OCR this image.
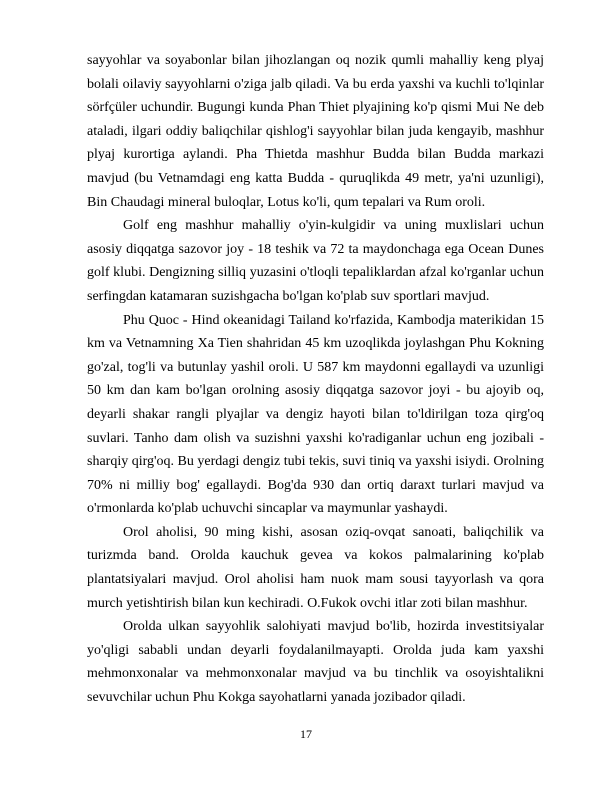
sayyohlar va soyabonlar bilan jihozlangan oq nozik qumli mahalliy keng plyaj bolali oilaviy sayyohlarni o'ziga jalb qiladi. Va bu erda yaxshi va kuchli to'lqinlar sörfçüler uchundir. Bugungi kunda Phan Thiet plyajining ko'p qismi Mui Ne deb ataladi, ilgari oddiy baliqchilar qishlog'i sayyohlar bilan juda kengayib, mashhur plyaj kurortiga aylandi. Pha Thietda mashhur Budda bilan Budda markazi mavjud (bu Vetnamdagi eng katta Budda - quruqlikda 49 metr, ya'ni uzunligi), Bin Chaudagi mineral buloqlar, Lotus ko'li, qum tepalari va Rum oroli.

Golf eng mashhur mahalliy o'yin-kulgidir va uning muxlislari uchun asosiy diqqatga sazovor joy - 18 teshik va 72 ta maydonchaga ega Ocean Dunes golf klubi. Dengizning silliq yuzasini o'tloqli tepaliklardan afzal ko'rganlar uchun serfingdan katamaran suzishgacha bo'lgan ko'plab suv sportlari mavjud.

Phu Quoc - Hind okeanidagi Tailand ko'rfazida, Kambodja materikidan 15 km va Vetnamning Xa Tien shahridan 45 km uzoqlikda joylashgan Phu Kokning go'zal, tog'li va butunlay yashil oroli. U 587 km maydonni egallaydi va uzunligi 50 km dan kam bo'lgan orolning asosiy diqqatga sazovor joyi - bu ajoyib oq, deyarli shakar rangli plyajlar va dengiz hayoti bilan to'ldirilgan toza qirg'oq suvlari. Tanho dam olish va suzishni yaxshi ko'radiganlar uchun eng jozibali - sharqiy qirg'oq. Bu yerdagi dengiz tubi tekis, suvi tiniq va yaxshi isiydi. Orolning 70% ni milliy bog' egallaydi. Bog'da 930 dan ortiq daraxt turlari mavjud va o'rmonlarda ko'plab uchuvchi sincaplar va maymunlar yashaydi.

Orol aholisi, 90 ming kishi, asosan oziq-ovqat sanoati, baliqchilik va turizmda band. Orolda kauchuk gevea va kokos palmalarining ko'plab plantatsiyalari mavjud. Orol aholisi ham nuok mam sousi tayyorlash va qora murch yetishtirish bilan kun kechiradi. O.Fukok ovchi itlar zoti bilan mashhur.

Orolda ulkan sayyohlik salohiyati mavjud bo'lib, hozirda investitsiyalar yo'qligi sababli undan deyarli foydalanilmayapti. Orolda juda kam yaxshi mehmonxonalar va mehmonxonalar mavjud va bu tinchlik va osoyishtalikni sevuvchilar uchun Phu Kokga sayohatlarni yanada jozibador qiladi.

17
